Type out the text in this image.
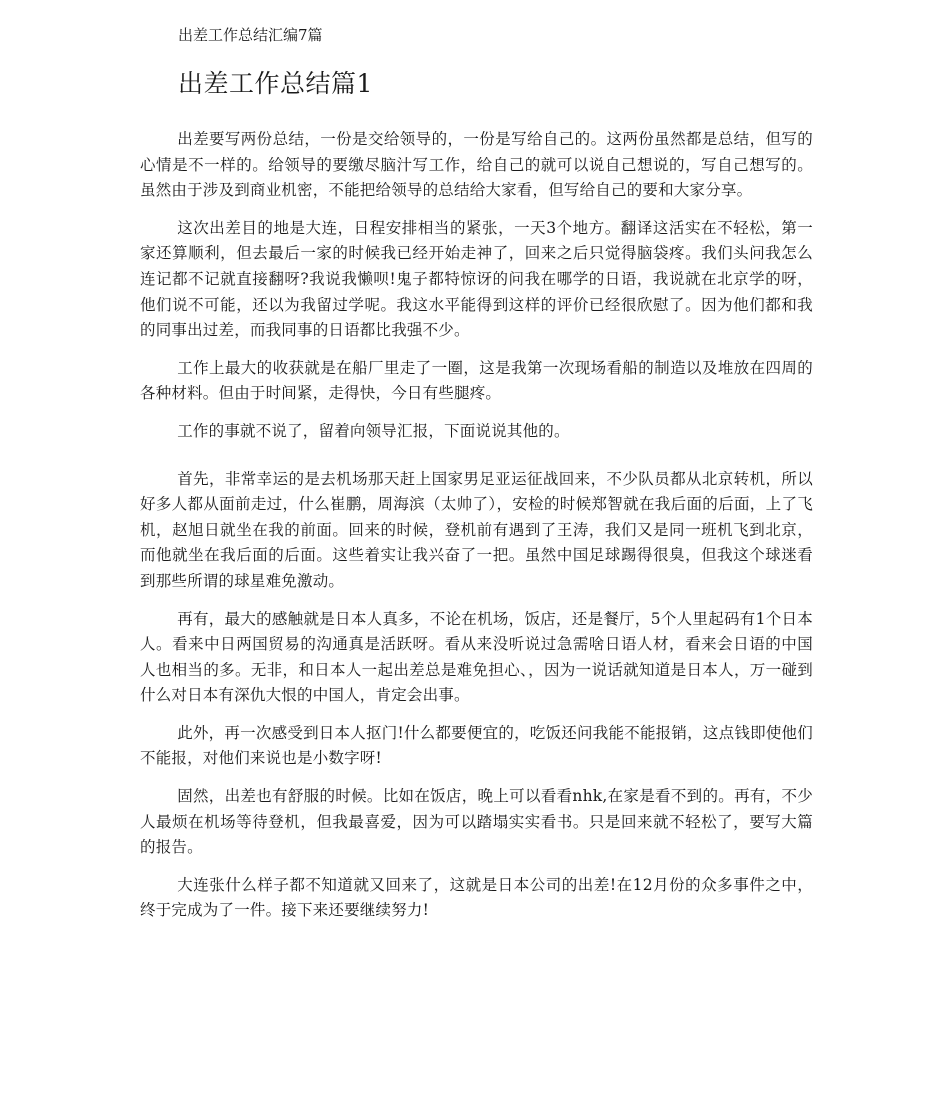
出差工作总结汇编7篇
出差工作总结篇1

出差要写两份总结，一份是交给领导的，一份是写给自己的。这两份虽然都是总结，但写的心情是不一样的。给领导的要缴尽脑汁写工作，给自己的就可以说自己想说的，写自己想写的。虽然由于涉及到商业机密，不能把给领导的总结给大家看，但写给自己的要和大家分享。

这次出差目的地是大连，日程安排相当的紧张，一天3个地方。翻译这活实在不轻松，第一家还算顺利，但去最后一家的时候我已经开始走神了，回来之后只觉得脑袋疼。我们头问我怎么连记都不记就直接翻呀?我说我懒呗!鬼子都特惊讶的问我在哪学的日语，我说就在北京学的呀，他们说不可能，还以为我留过学呢。我这水平能得到这样的评价已经很欣慰了。因为他们都和我的同事出过差，而我同事的日语都比我强不少。

工作上最大的收获就是在船厂里走了一圈，这是我第一次现场看船的制造以及堆放在四周的各种材料。但由于时间紧，走得快，今日有些腿疼。

工作的事就不说了，留着向领导汇报，下面说说其他的。

首先，非常幸运的是去机场那天赶上国家男足亚运征战回来，不少队员都从北京转机，所以好多人都从面前走过，什么崔鹏，周海滨（太帅了），安检的时候郑智就在我后面的后面，上了飞机，赵旭日就坐在我的前面。回来的时候，登机前有遇到了王涛，我们又是同一班机飞到北京，而他就坐在我后面的后面。这些着实让我兴奋了一把。虽然中国足球踢得很臭，但我这个球迷看到那些所谓的球星难免激动。

再有，最大的感触就是日本人真多，不论在机场，饭店，还是餐厅，5个人里起码有1个日本人。看来中日两国贸易的沟通真是活跃呀。看从来没听说过急需啥日语人材，看来会日语的中国人也相当的多。无非，和日本人一起出差总是难免担心、，因为一说话就知道是日本人，万一碰到什么对日本有深仇大恨的中国人，肯定会出事。

此外，再一次感受到日本人抠门!什么都要便宜的，吃饭还问我能不能报销，这点钱即使他们不能报，对他们来说也是小数字呀!

固然，出差也有舒服的时候。比如在饭店，晚上可以看看nhk,在家是看不到的。再有，不少人最烦在机场等待登机，但我最喜爱，因为可以踏塌实实看书。只是回来就不轻松了，要写大篇的报告。

大连张什么样子都不知道就又回来了，这就是日本公司的出差!在12月份的众多事件之中，终于完成为了一件。接下来还要继续努力!
